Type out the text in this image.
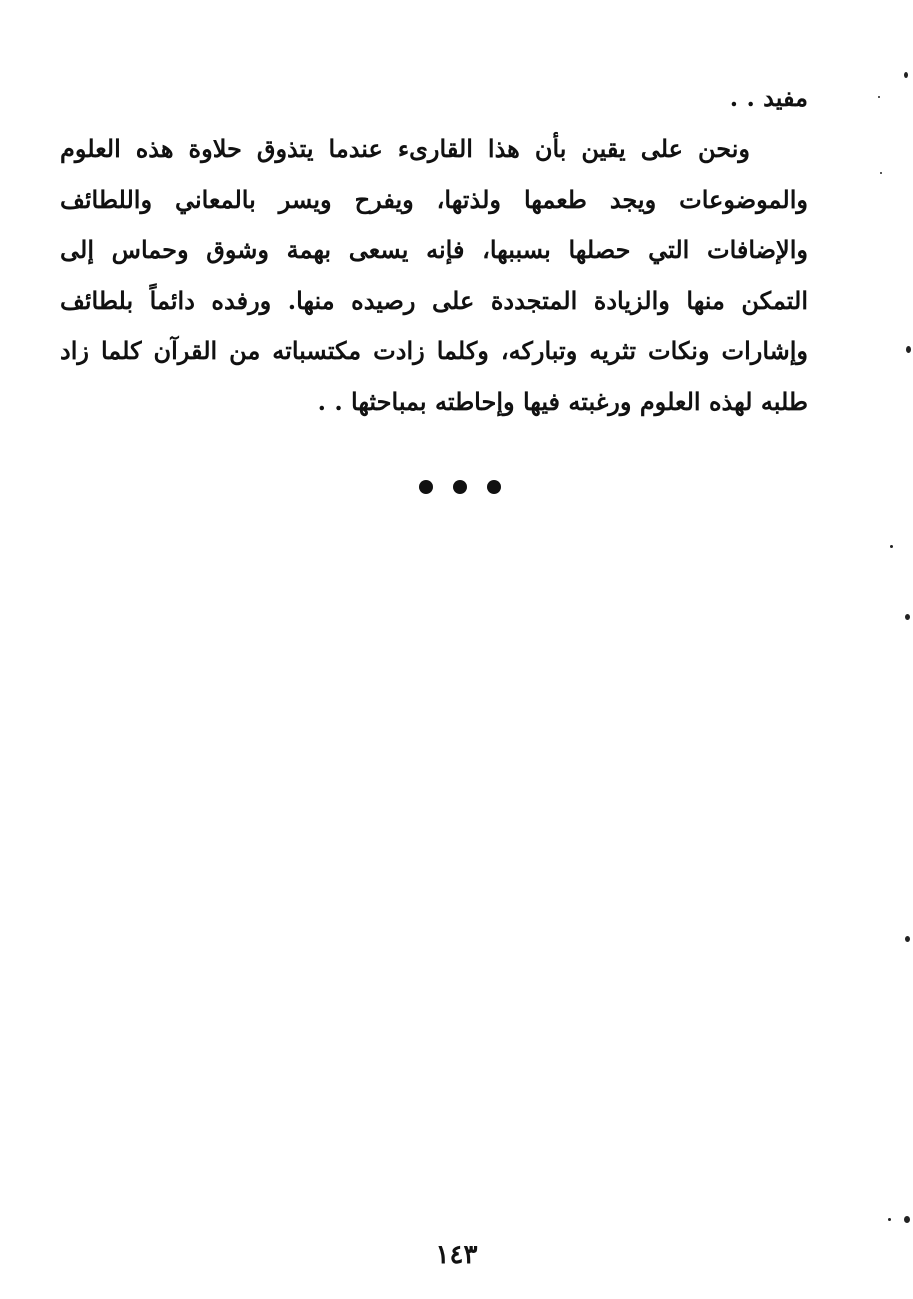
مفيد . .

ونحن على يقين بأن هذا القارىء عندما يتذوق حلاوة هذه العلوم
والموضوعات ويجد طعمها ولذتها، ويفرح ويسر بالمعاني واللطائف
والإضافات التي حصلها بسببها، فإنه يسعى بهمة وشوق وحماس إلى
التمكن منها والزيادة المتجددة على رصيده منها. ورفده دائماً بلطائف
وإشارات ونكات تثريه وتباركه، وكلما زادت مكتسباته من القرآن كلما زاد
طلبه لهذه العلوم ورغبته فيها وإحاطته بمباحثها . .

١٤٣
